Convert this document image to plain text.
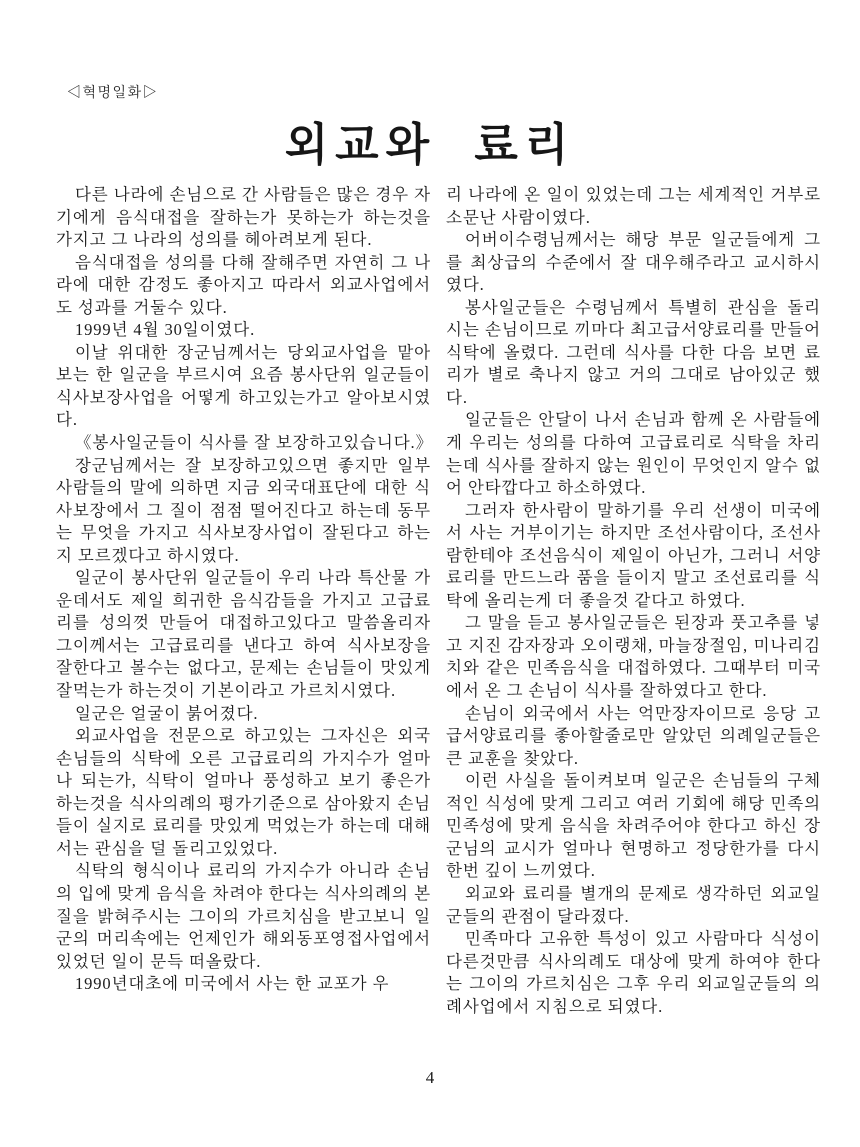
◁혁명일화▷
외교와 료리

다른 나라에 손님으로 간 사람들은 많은 경우 자기에게 음식대접을 잘하는가 못하는가 하는것을 가지고 그 나라의 성의를 헤아려보게 된다.

음식대접을 성의를 다해 잘해주면 자연히 그 나라에 대한 감정도 좋아지고 따라서 외교사업에서도 성과를 거둘수 있다.

1999년 4월 30일이였다.

이날 위대한 장군님께서는 당외교사업을 맡아보는 한 일군을 부르시여 요즘 봉사단위 일군들이 식사보장사업을 어떻게 하고있는가고 알아보시였다.

《봉사일군들이 식사를 잘 보장하고있습니다.》

장군님께서는 잘 보장하고있으면 좋지만 일부 사람들의 말에 의하면 지금 외국대표단에 대한 식사보장에서 그 질이 점점 떨어진다고 하는데 동무는 무엇을 가지고 식사보장사업이 잘된다고 하는지 모르겠다고 하시였다.

일군이 봉사단위 일군들이 우리 나라 특산물 가운데서도 제일 희귀한 음식감들을 가지고 고급료리를 성의껏 만들어 대접하고있다고 말씀올리자 그이께서는 고급료리를 낸다고 하여 식사보장을 잘한다고 볼수는 없다고, 문제는 손님들이 맛있게 잘먹는가 하는것이 기본이라고 가르치시였다.

일군은 얼굴이 붉어졌다.

외교사업을 전문으로 하고있는 그자신은 외국손님들의 식탁에 오른 고급료리의 가지수가 얼마나 되는가, 식탁이 얼마나 풍성하고 보기 좋은가 하는것을 식사의례의 평가기준으로 삼아왔지 손님들이 실지로 료리를 맛있게 먹었는가 하는데 대해서는 관심을 덜 돌리고있었다.

식탁의 형식이나 료리의 가지수가 아니라 손님의 입에 맞게 음식을 차려야 한다는 식사의례의 본질을 밝혀주시는 그이의 가르치심을 받고보니 일군의 머리속에는 언제인가 해외동포영접사업에서 있었던 일이 문득 떠올랐다.

1990년대초에 미국에서 사는 한 교포가 우

리 나라에 온 일이 있었는데 그는 세계적인 거부로 소문난 사람이였다.

어버이수령님께서는 해당 부문 일군들에게 그를 최상급의 수준에서 잘 대우해주라고 교시하시였다.

봉사일군들은 수령님께서 특별히 관심을 돌리시는 손님이므로 끼마다 최고급서양료리를 만들어 식탁에 올렸다. 그런데 식사를 다한 다음 보면 료리가 별로 축나지 않고 거의 그대로 남아있군 했다.

일군들은 안달이 나서 손님과 함께 온 사람들에게 우리는 성의를 다하여 고급료리로 식탁을 차리는데 식사를 잘하지 않는 원인이 무엇인지 알수 없어 안타깝다고 하소하였다.

그러자 한사람이 말하기를 우리 선생이 미국에서 사는 거부이기는 하지만 조선사람이다, 조선사람한테야 조선음식이 제일이 아닌가, 그러니 서양료리를 만드느라 품을 들이지 말고 조선료리를 식탁에 올리는게 더 좋을것 같다고 하였다.

그 말을 듣고 봉사일군들은 된장과 풋고추를 넣고 지진 감자장과 오이랭채, 마늘장절임, 미나리김치와 같은 민족음식을 대접하였다. 그때부터 미국에서 온 그 손님이 식사를 잘하였다고 한다.

손님이 외국에서 사는 억만장자이므로 응당 고급서양료리를 좋아할줄로만 알았던 의례일군들은 큰 교훈을 찾았다.

이런 사실을 돌이켜보며 일군은 손님들의 구체적인 식성에 맞게 그리고 여러 기회에 해당 민족의 민족성에 맞게 음식을 차려주어야 한다고 하신 장군님의 교시가 얼마나 현명하고 정당한가를 다시한번 깊이 느끼였다.

외교와 료리를 별개의 문제로 생각하던 외교일군들의 관점이 달라졌다.

민족마다 고유한 특성이 있고 사람마다 식성이 다른것만큼 식사의례도 대상에 맞게 하여야 한다는 그이의 가르치심은 그후 우리 외교일군들의 의례사업에서 지침으로 되였다.

4
